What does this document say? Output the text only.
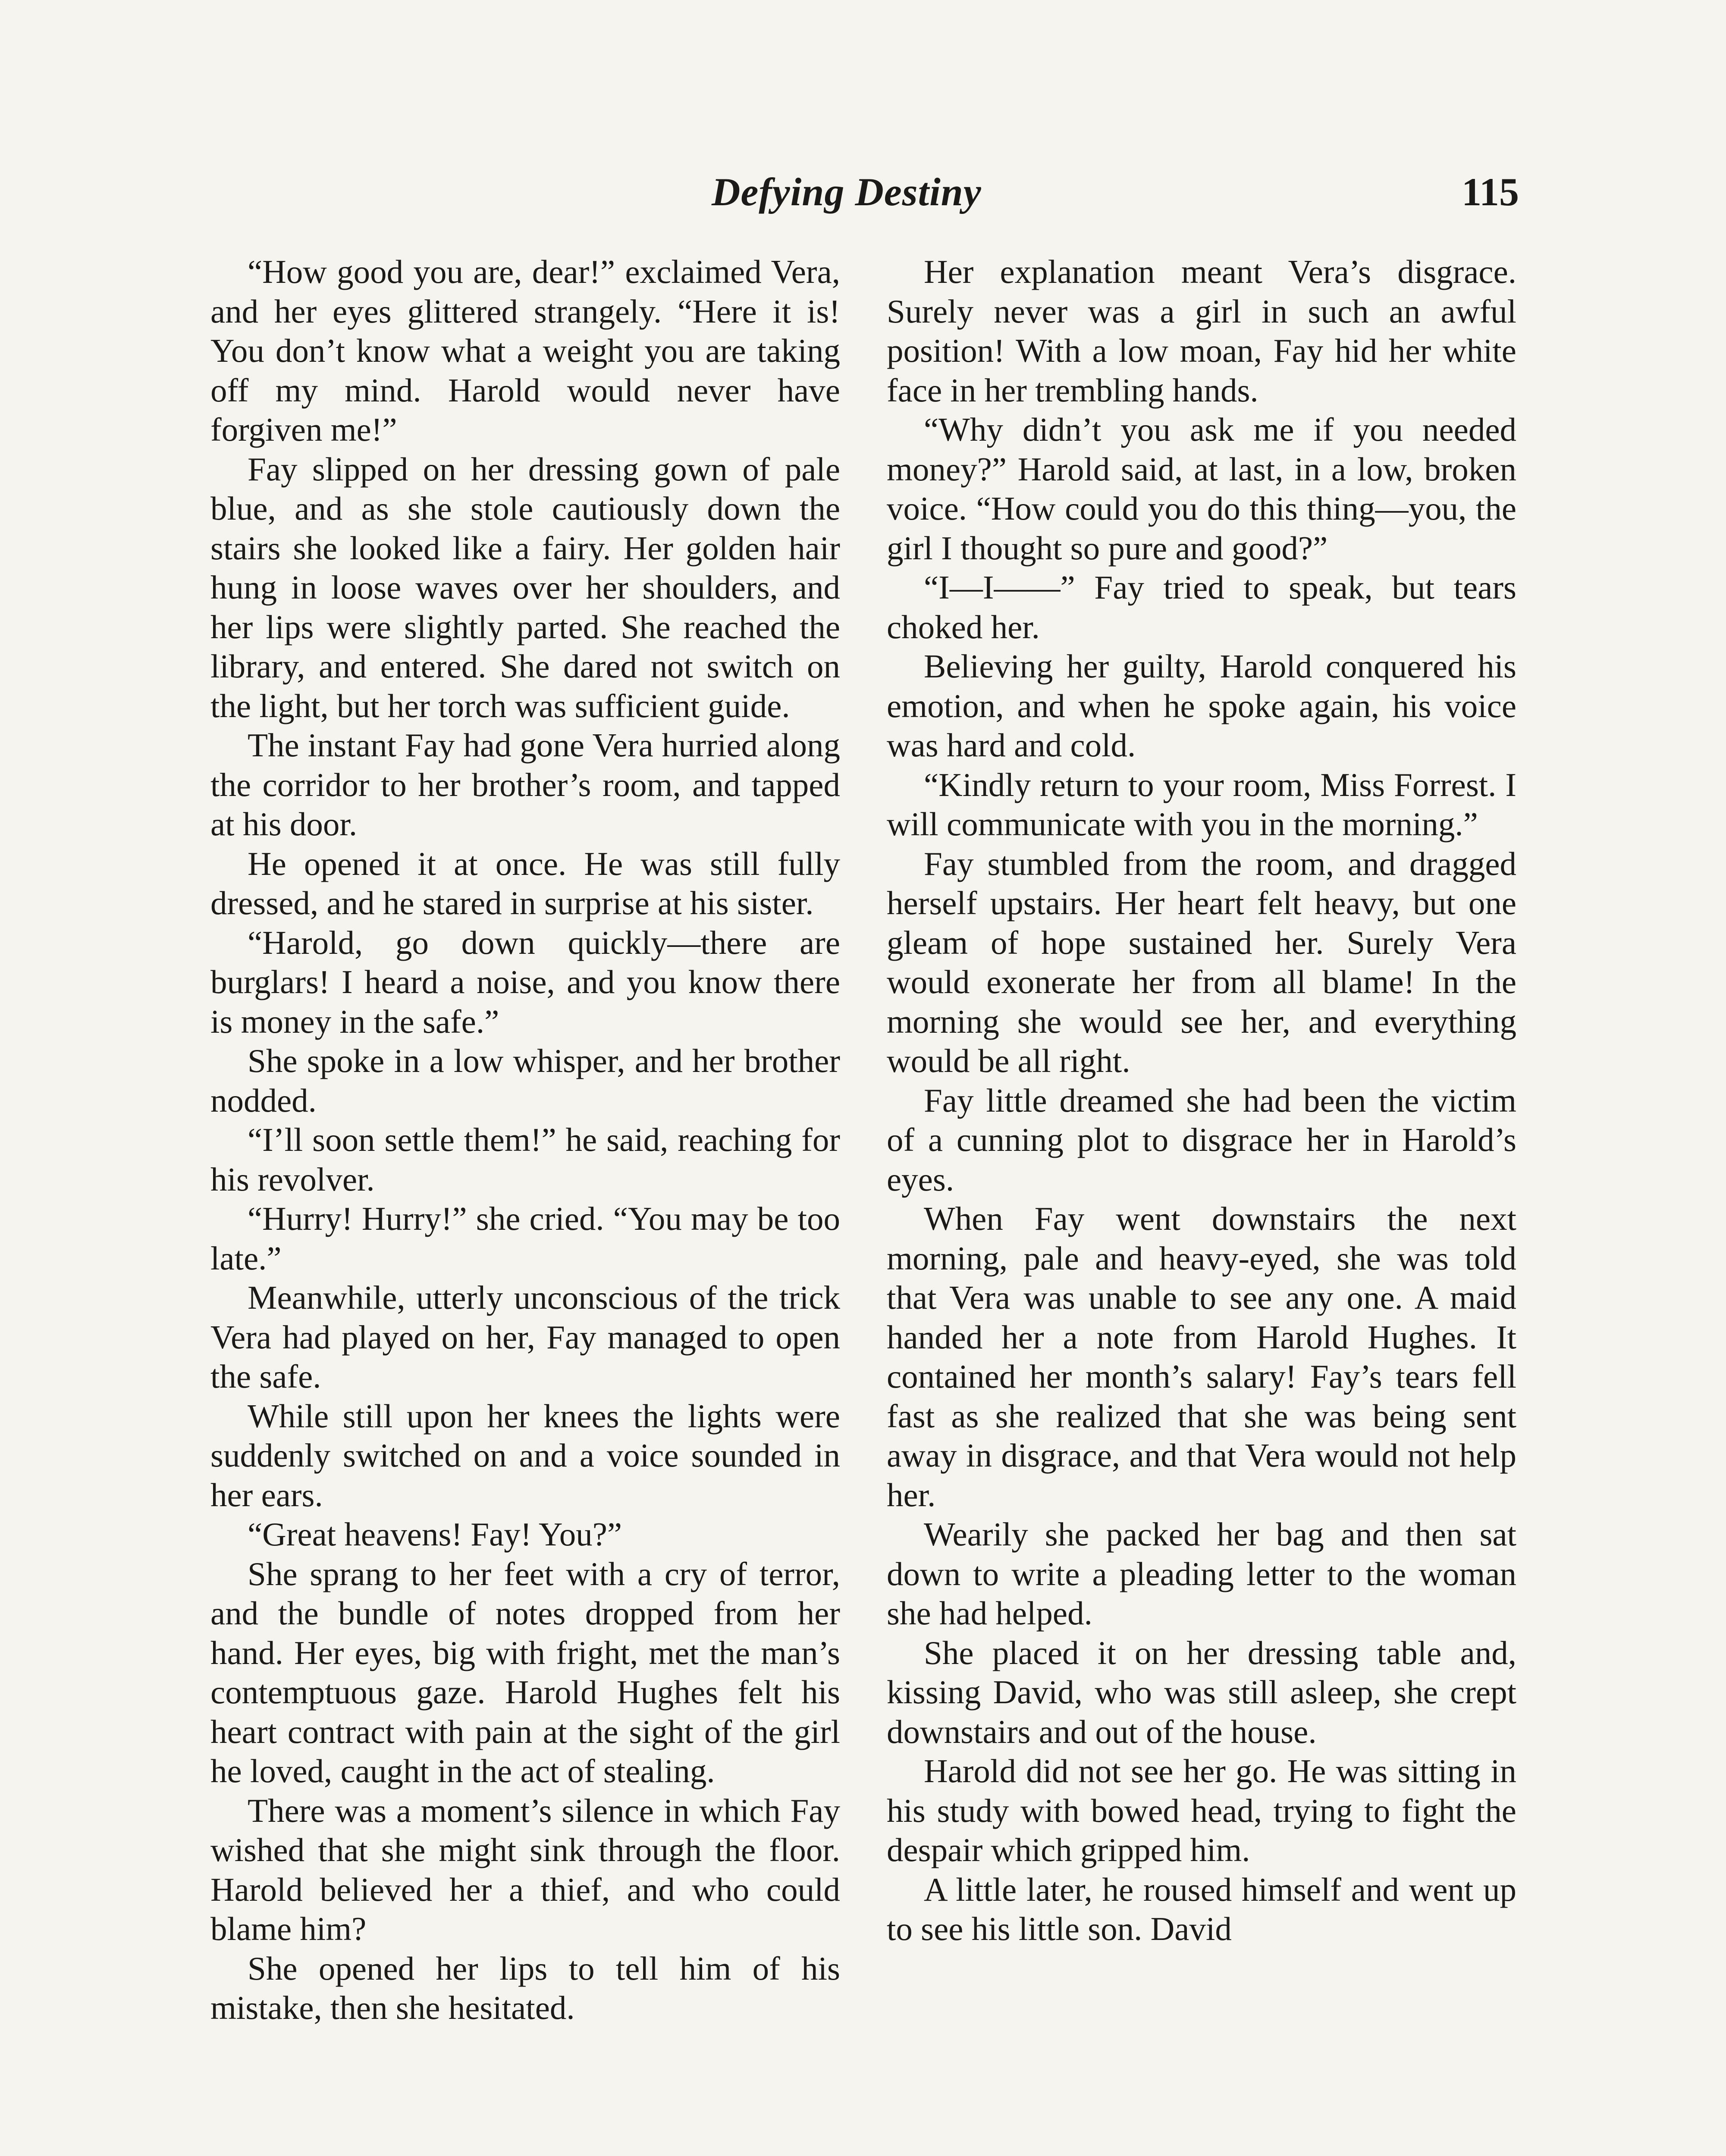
Defying Destiny	115

“How good you are, dear!” exclaimed Vera, and her eyes glittered strangely. “Here it is! You don’t know what a weight you are taking off my mind. Harold would never have forgiven me!”

Fay slipped on her dressing gown of pale blue, and as she stole cautiously down the stairs she looked like a fairy. Her golden hair hung in loose waves over her shoulders, and her lips were slightly parted. She reached the library, and entered. She dared not switch on the light, but her torch was sufficient guide.

The instant Fay had gone Vera hurried along the corridor to her brother’s room, and tapped at his door.

He opened it at once. He was still fully dressed, and he stared in surprise at his sister.

“Harold, go down quickly—there are burglars! I heard a noise, and you know there is money in the safe.”

She spoke in a low whisper, and her brother nodded.

“I’ll soon settle them!” he said, reaching for his revolver.

“Hurry! Hurry!” she cried. “You may be too late.”

Meanwhile, utterly unconscious of the trick Vera had played on her, Fay managed to open the safe.

While still upon her knees the lights were suddenly switched on and a voice sounded in her ears.

“Great heavens! Fay! You?”

She sprang to her feet with a cry of terror, and the bundle of notes dropped from her hand. Her eyes, big with fright, met the man’s contemptuous gaze. Harold Hughes felt his heart contract with pain at the sight of the girl he loved, caught in the act of stealing.

There was a moment’s silence in which Fay wished that she might sink through the floor. Harold believed her a thief, and who could blame him?

She opened her lips to tell him of his mistake, then she hesitated.

Her explanation meant Vera’s disgrace. Surely never was a girl in such an awful position! With a low moan, Fay hid her white face in her trembling hands.

“Why didn’t you ask me if you needed money?” Harold said, at last, in a low, broken voice. “How could you do this thing—you, the girl I thought so pure and good?”

“I—I——” Fay tried to speak, but tears choked her.

Believing her guilty, Harold conquered his emotion, and when he spoke again, his voice was hard and cold.

“Kindly return to your room, Miss Forrest. I will communicate with you in the morning.”

Fay stumbled from the room, and dragged herself upstairs. Her heart felt heavy, but one gleam of hope sustained her. Surely Vera would exonerate her from all blame! In the morning she would see her, and everything would be all right.

Fay little dreamed she had been the victim of a cunning plot to disgrace her in Harold’s eyes.

When Fay went downstairs the next morning, pale and heavy-eyed, she was told that Vera was unable to see any one. A maid handed her a note from Harold Hughes. It contained her month’s salary! Fay’s tears fell fast as she realized that she was being sent away in disgrace, and that Vera would not help her.

Wearily she packed her bag and then sat down to write a pleading letter to the woman she had helped.

She placed it on her dressing table and, kissing David, who was still asleep, she crept downstairs and out of the house.

Harold did not see her go. He was sitting in his study with bowed head, trying to fight the despair which gripped him.

A little later, he roused himself and went up to see his little son. David
